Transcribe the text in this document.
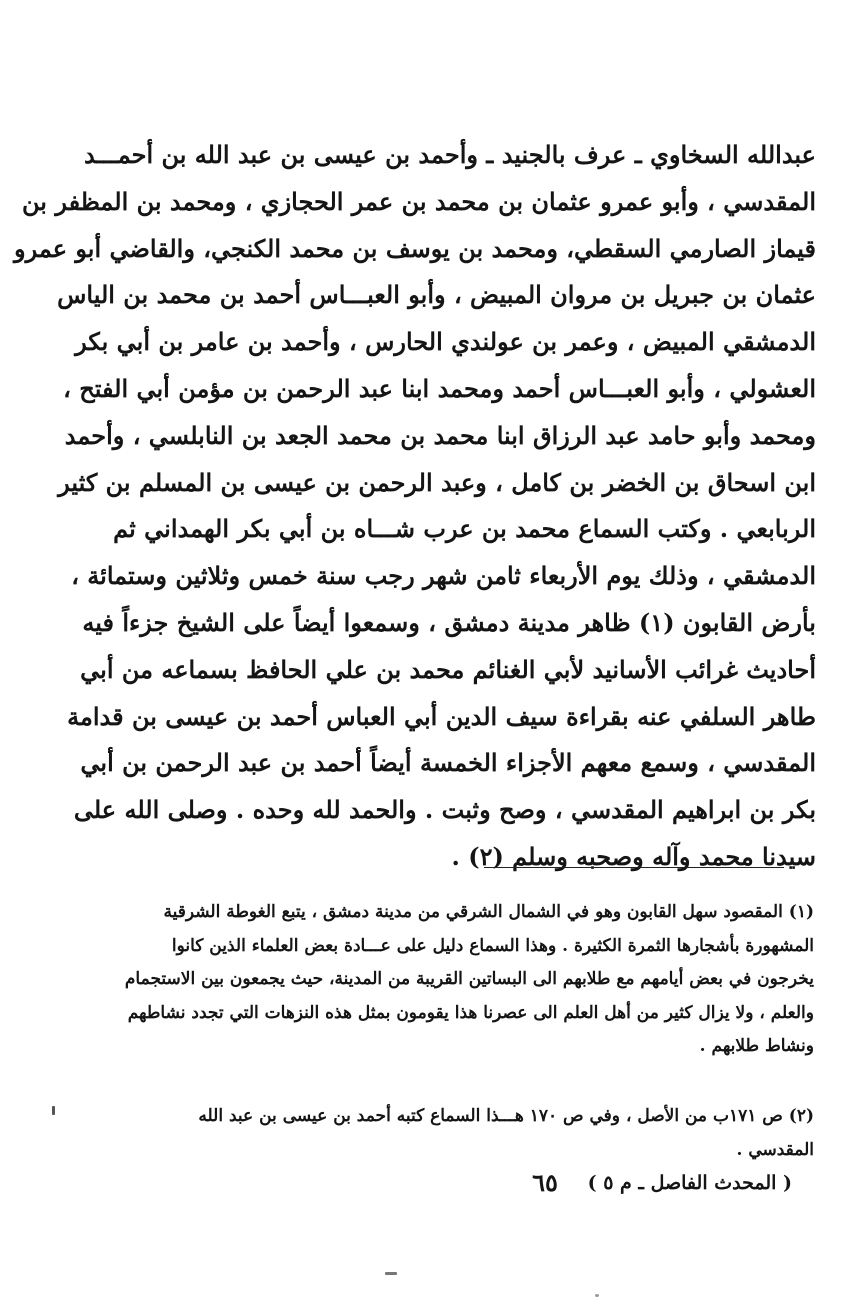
عبدالله السخاوي ـ عرف بالجنيد ـ وأحمد بن عيسى بن عبد الله بن أحمـــد
المقدسي ، وأبو عمرو عثمان بن محمد بن عمر الحجازي ، ومحمد بن المظفر بن
قيماز الصارمي السقطي، ومحمد بن يوسف بن محمد الكنجي، والقاضي أبو عمرو
عثمان بن جبريل بن مروان المبيض ، وأبو العبـــاس أحمد بن محمد بن الياس
الدمشقي المبيض ، وعمر بن عولندي الحارس ، وأحمد بن عامر بن أبي بكر
العشولي ، وأبو العبـــاس أحمد ومحمد ابنا عبد الرحمن بن مؤمن أبي الفتح ،
ومحمد وأبو حامد عبد الرزاق ابنا محمد بن محمد الجعد بن النابلسي ، وأحمد
ابن اسحاق بن الخضر بن كامل ، وعبد الرحمن بن عيسى بن المسلم بن كثير
الربابعي . وكتب السماع محمد بن عرب شـــاه بن أبي بكر الهمداني ثم
الدمشقي ، وذلك يوم الأربعاء ثامن شهر رجب سنة خمس وثلاثين وستمائة ،
بأرض القابون (١) ظاهر مدينة دمشق ، وسمعوا أيضاً على الشيخ جزءاً فيه
أحاديث غرائب الأسانيد لأبي الغنائم محمد بن علي الحافظ بسماعه من أبي
طاهر السلفي عنه بقراءة سيف الدين أبي العباس أحمد بن عيسى بن قدامة
المقدسي ، وسمع معهم الأجزاء الخمسة أيضاً أحمد بن عبد الرحمن بن أبي
بكر بن ابراهيم المقدسي ، وصح وثبت . والحمد لله وحده . وصلى الله على
سيدنا محمد وآله وصحبه وسلم (٢) .
(١) المقصود سهل القابون وهو في الشمال الشرقي من مدينة دمشق ، يتبع الغوطة الشرقية
المشهورة بأشجارها الثمرة الكثيرة . وهذا السماع دليل على عـــادة بعض العلماء الذين كانوا
يخرجون في بعض أيامهم مع طلابهم الى البساتين القريبة من المدينة، حيث يجمعون بين الاستجمام
والعلم ، ولا يزال كثير من أهل العلم الى عصرنا هذا يقومون بمثل هذه النزهات التي تجدد نشاطهم
ونشاط طلابهم .
(٢) ص ١٧١ب من الأصل ، وفي ص ١٧٠ هـــذا السماع كتبه أحمد بن عيسى بن عبد الله
المقدسي .
٦٥	( المحدث الفاصل ـ م ٥ )
